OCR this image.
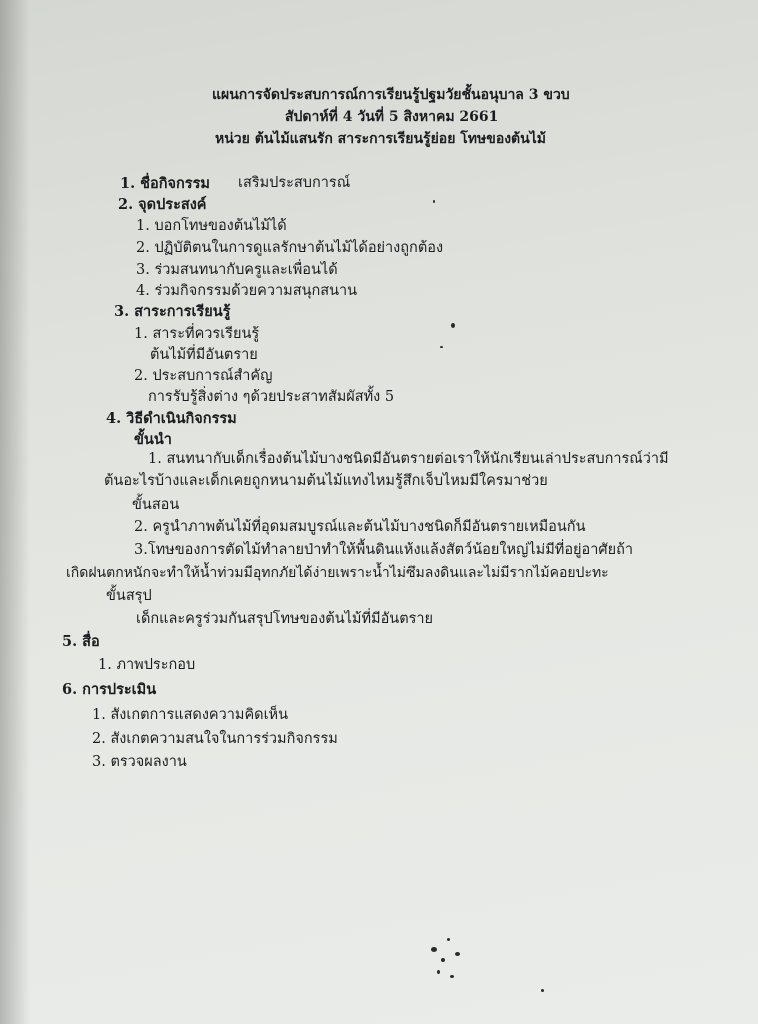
แผนการจัดประสบการณ์การเรียนรู้ปฐมวัยชั้นอนุบาล 3 ขวบ
สัปดาห์ที่ 4 วันที่ 5 สิงหาคม 2661
หน่วย ต้นไม้แสนรัก สาระการเรียนรู้ย่อย โทษของต้นไม้
1. ชื่อกิจกรรม เสริมประสบการณ์
2. จุดประสงค์
1. บอกโทษของต้นไม้ได้
2. ปฏิบัติตนในการดูแลรักษาต้นไม้ได้อย่างถูกต้อง
3. ร่วมสนทนากับครูและเพื่อนได้
4. ร่วมกิจกรรมด้วยความสนุกสนาน
3. สาระการเรียนรู้
1. สาระที่ควรเรียนรู้
ต้นไม้ที่มีอันตราย
2. ประสบการณ์สำคัญ
การรับรู้สิ่งต่าง ๆด้วยประสาทสัมผัสทั้ง 5
4. วิธีดำเนินกิจกรรม
ขั้นนำ
1. สนทนากับเด็กเรื่องต้นไม้บางชนิดมีอันตรายต่อเราให้นักเรียนเล่าประสบการณ์ว่ามี
ต้นอะไรบ้างและเด็กเคยถูกหนามต้นไม้แทงไหมรู้สึกเจ็บไหมมีใครมาช่วย
ขั้นสอน
2. ครูนำภาพต้นไม้ที่อุดมสมบูรณ์และต้นไม้บางชนิดก็มีอันตรายเหมือนกัน
3.โทษของการตัดไม้ทำลายป่าทำให้พื้นดินแห้งแล้งสัตว์น้อยใหญ่ไม่มีที่อยู่อาศัยถ้า
เกิดฝนตกหนักจะทำให้น้ำท่วมมีอุทกภัยได้ง่ายเพราะน้ำไม่ซึมลงดินและไม่มีรากไม้คอยปะทะ
ขั้นสรุป
เด็กและครูร่วมกันสรุปโทษของต้นไม้ที่มีอันตราย
5. สื่อ
1. ภาพประกอบ
6. การประเมิน
1. สังเกตการแสดงความคิดเห็น
2. สังเกตความสนใจในการร่วมกิจกรรม
3. ตรวจผลงาน
